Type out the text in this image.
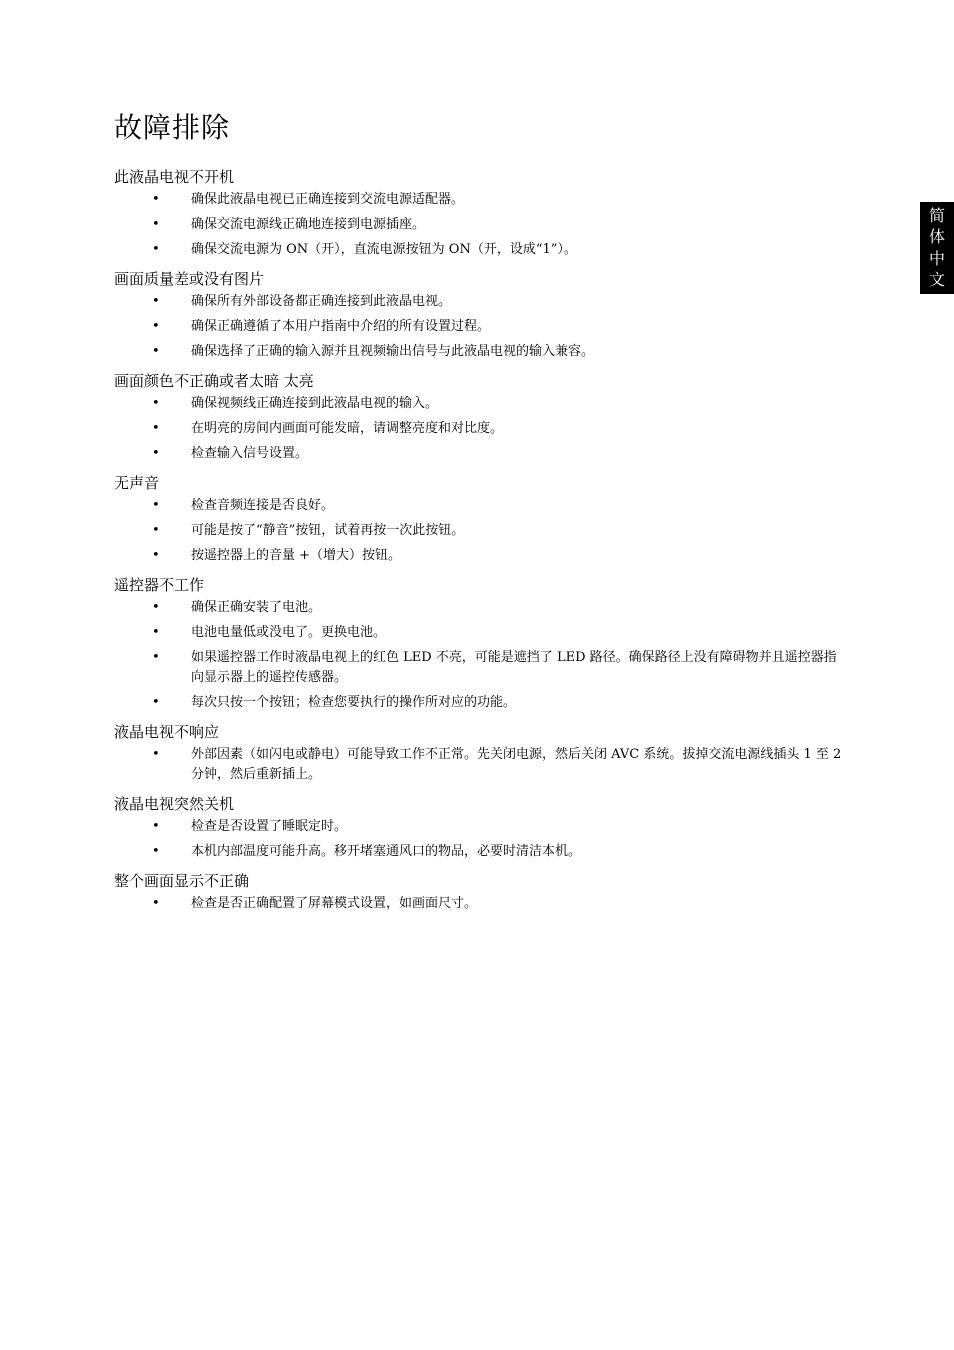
故障排除
简
体
中
文
此液晶电视不开机
• 确保此液晶电视已正确连接到交流电源适配器。
• 确保交流电源线正确地连接到电源插座。
• 确保交流电源为 ON（开），直流电源按钮为 ON（开，设成“1”）。
画面质量差或没有图片
• 确保所有外部设备都正确连接到此液晶电视。
• 确保正确遵循了本用户指南中介绍的所有设置过程。
• 确保选择了正确的输入源并且视频输出信号与此液晶电视的输入兼容。
画面颜色不正确或者太暗 太亮
• 确保视频线正确连接到此液晶电视的输入。
• 在明亮的房间内画面可能发暗，请调整亮度和对比度。
• 检查输入信号设置。
无声音
• 检查音频连接是否良好。
• 可能是按了“静音”按钮，试着再按一次此按钮。
• 按遥控器上的音量 +（增大）按钮。
遥控器不工作
• 确保正确安装了电池。
• 电池电量低或没电了。更换电池。
• 如果遥控器工作时液晶电视上的红色 LED 不亮，可能是遮挡了 LED 路径。确保路径上没有障碍物并且遥控器指向显示器上的遥控传感器。
• 每次只按一个按钮；检查您要执行的操作所对应的功能。
液晶电视不响应
• 外部因素（如闪电或静电）可能导致工作不正常。先关闭电源，然后关闭 AVC 系统。拔掉交流电源线插头 1 至 2 分钟，然后重新插上。
液晶电视突然关机
• 检查是否设置了睡眠定时。
• 本机内部温度可能升高。移开堵塞通风口的物品，必要时清洁本机。
整个画面显示不正确
• 检查是否正确配置了屏幕模式设置，如画面尺寸。
